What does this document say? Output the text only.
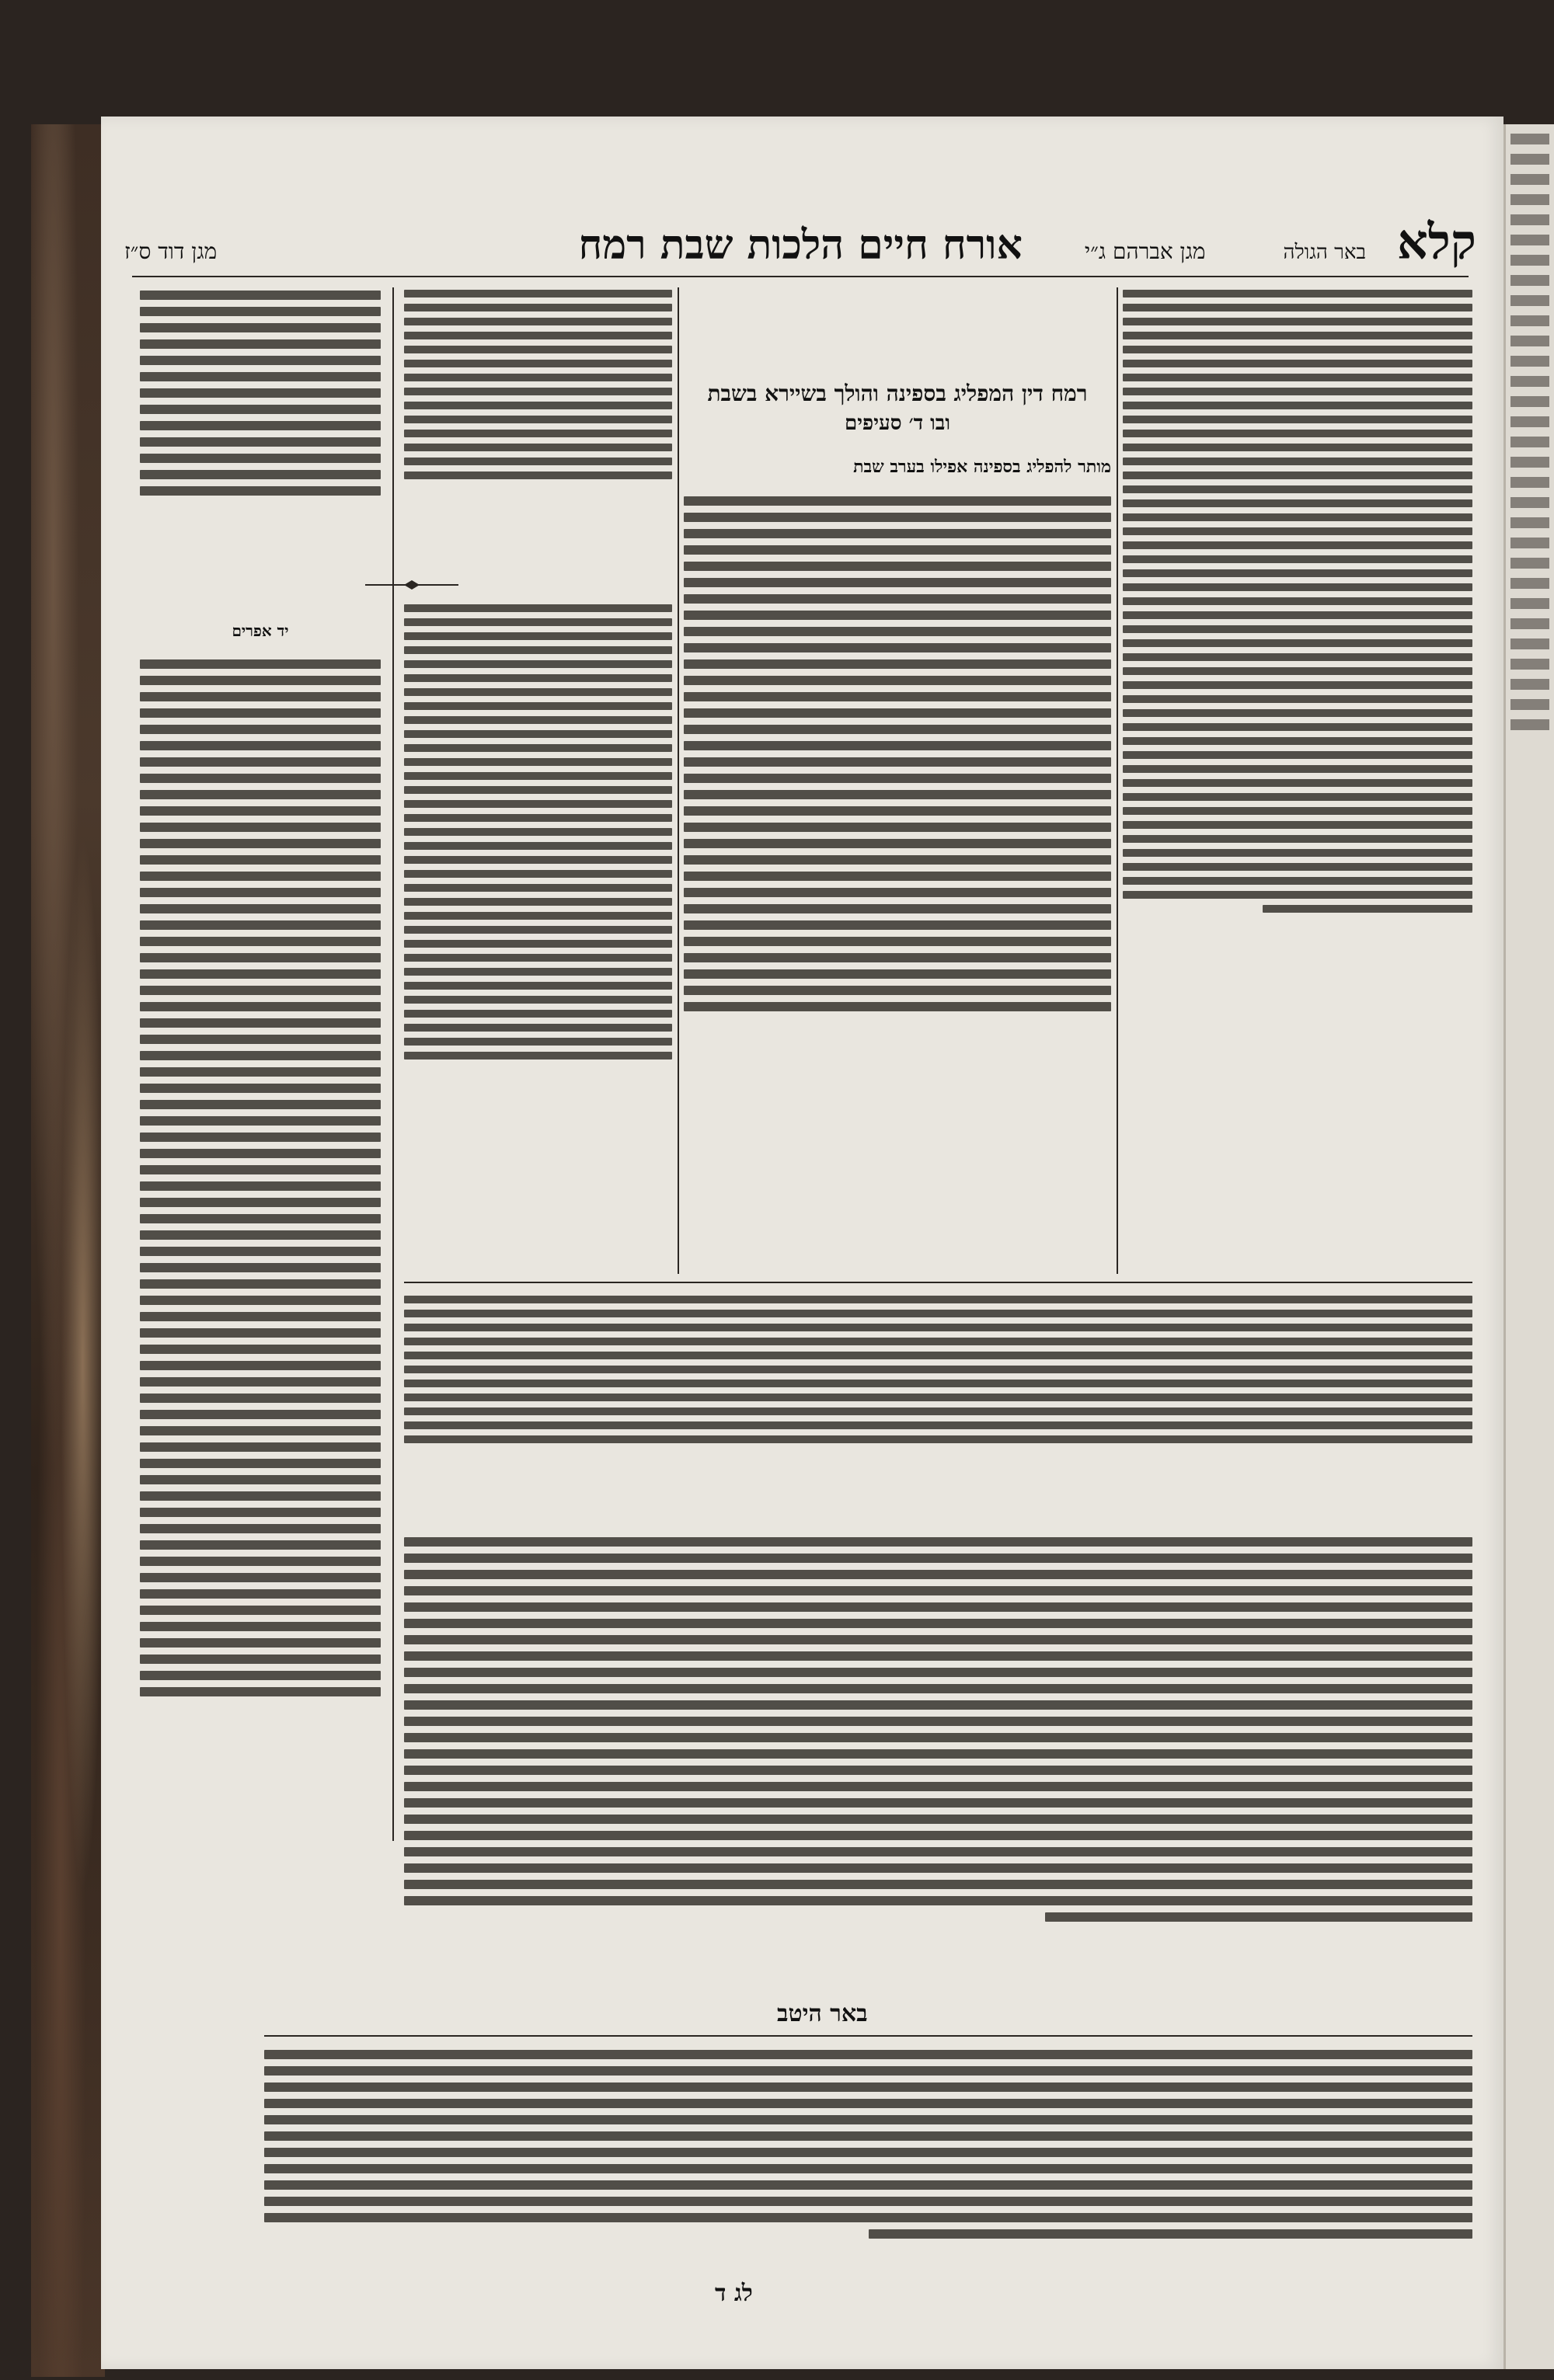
קלא
באר הגולה
מגן אברהם ג״י
אורח חיים הלכות שבת רמח
מגן דוד ס״ז
רמח דין המפליג בספינה והולך בשיירא בשבת
ובו ד׳ סעיפים
מותר להפליג בספינה אפילו בערב שבת
יד אפרים
באר היטב
לג ד
